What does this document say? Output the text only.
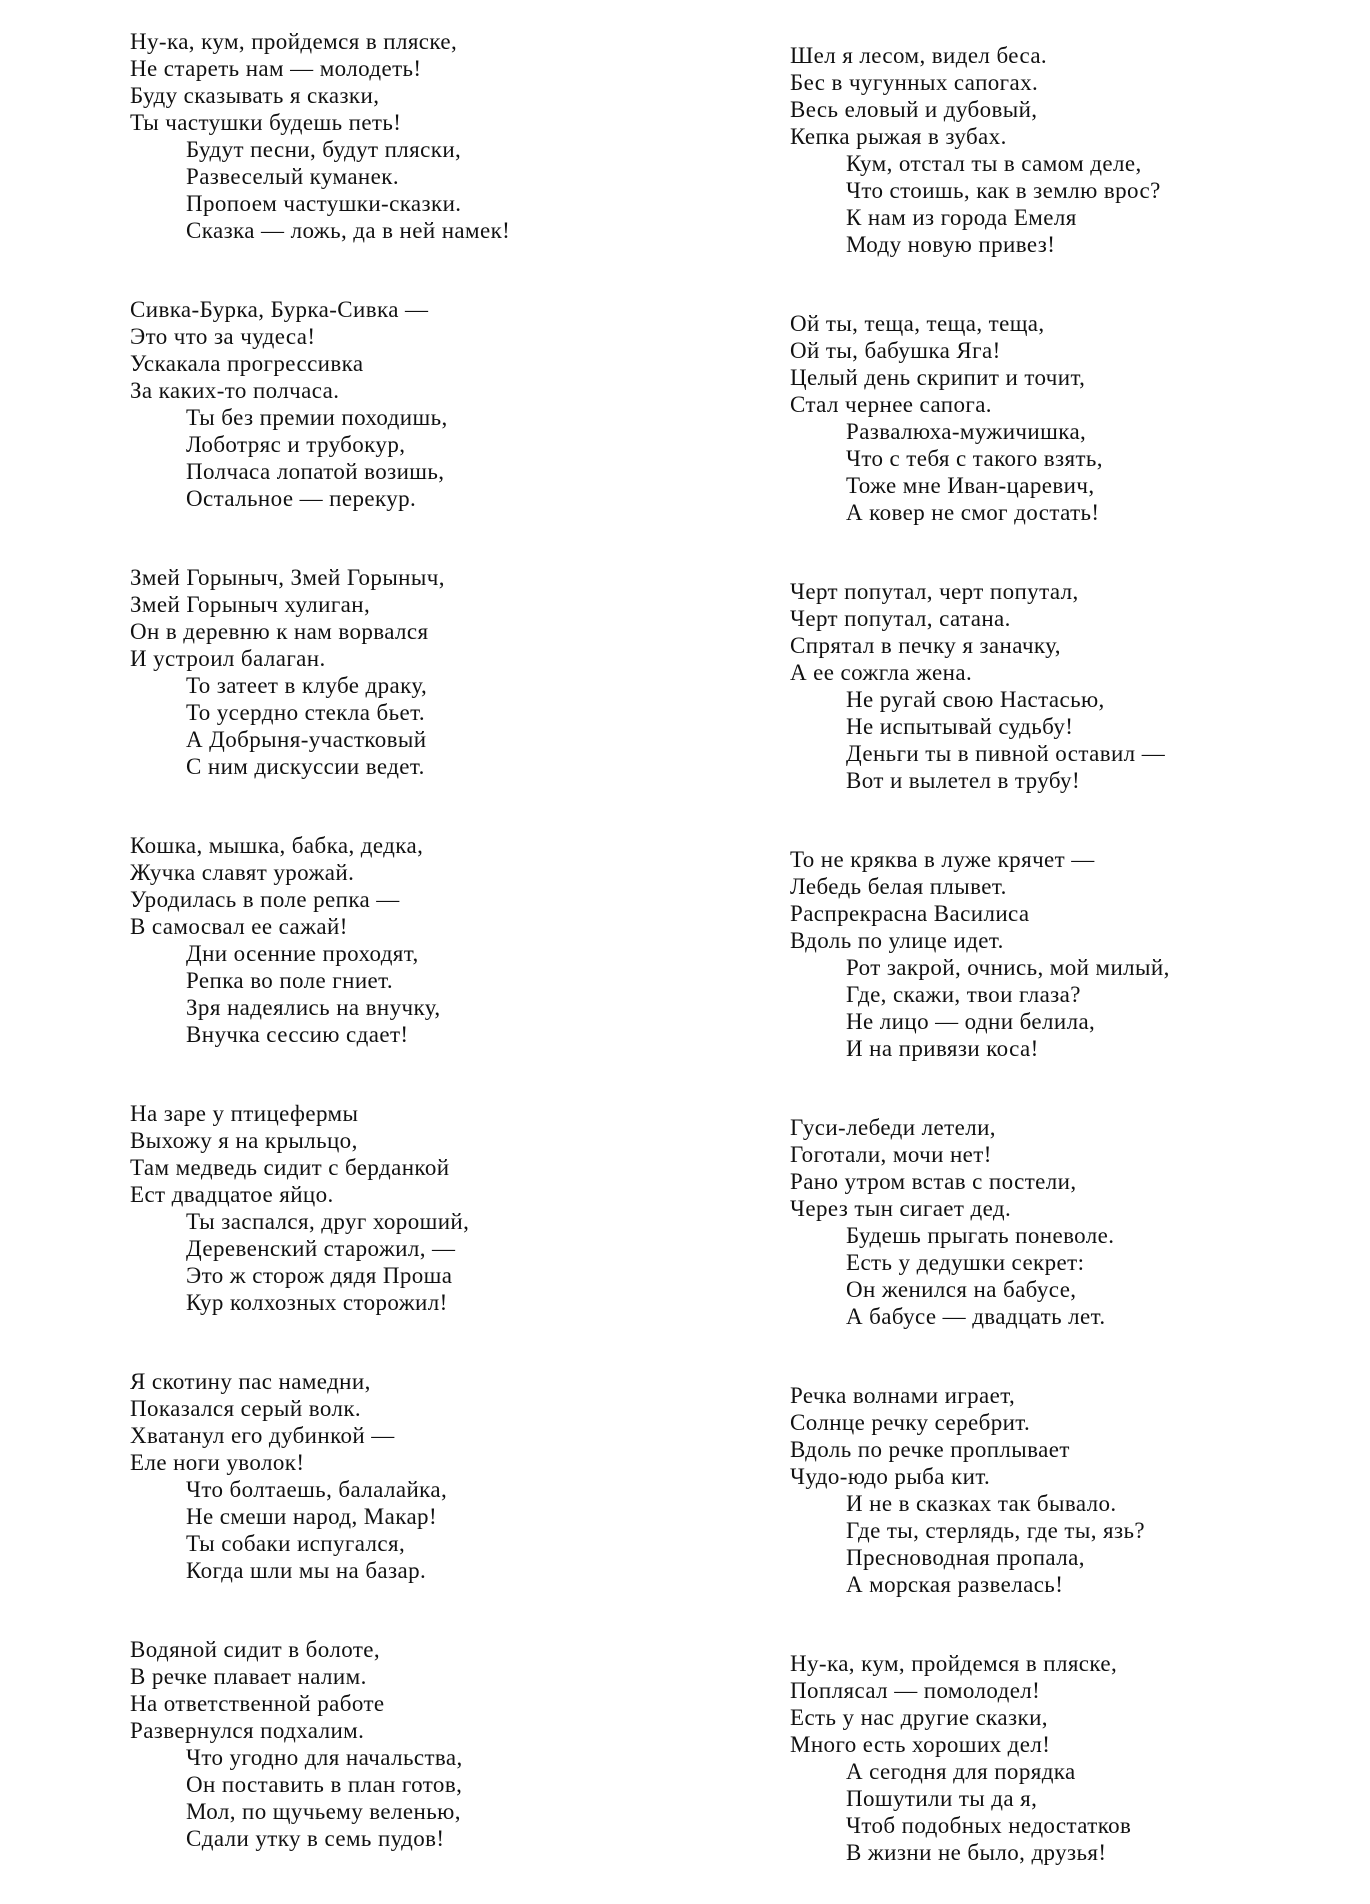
Ну-ка, кум, пройдемся в пляске,
Не стареть нам — молодеть!
Буду сказывать я сказки,
Ты частушки будешь петь!
Будут песни, будут пляски,
Развеселый куманек.
Пропоем частушки-сказки.
Сказка — ложь, да в ней намек!
Сивка-Бурка, Бурка-Сивка —
Это что за чудеса!
Ускакала прогрессивка
За каких-то полчаса.
Ты без премии походишь,
Лоботряс и трубокур,
Полчаса лопатой возишь,
Остальное — перекур.
Змей Горыныч, Змей Горыныч,
Змей Горыныч хулиган,
Он в деревню к нам ворвался
И устроил балаган.
То затеет в клубе драку,
То усердно стекла бьет.
А Добрыня-участковый
С ним дискуссии ведет.
Кошка, мышка, бабка, дедка,
Жучка славят урожай.
Уродилась в поле репка —
В самосвал ее сажай!
Дни осенние проходят,
Репка во поле гниет.
Зря надеялись на внучку,
Внучка сессию сдает!
На заре у птицефермы
Выхожу я на крыльцо,
Там медведь сидит с берданкой
Ест двадцатое яйцо.
Ты заспался, друг хороший,
Деревенский старожил, —
Это ж сторож дядя Проша
Кур колхозных сторожил!
Я скотину пас намедни,
Показался серый волк.
Хватанул его дубинкой —
Еле ноги уволок!
Что болтаешь, балалайка,
Не смеши народ, Макар!
Ты собаки испугался,
Когда шли мы на базар.
Водяной сидит в болоте,
В речке плавает налим.
На ответственной работе
Развернулся подхалим.
Что угодно для начальства,
Он поставить в план готов,
Мол, по щучьему веленью,
Сдали утку в семь пудов!
Шел я лесом, видел беса.
Бес в чугунных сапогах.
Весь еловый и дубовый,
Кепка рыжая в зубах.
Кум, отстал ты в самом деле,
Что стоишь, как в землю врос?
К нам из города Емеля
Моду новую привез!
Ой ты, теща, теща, теща,
Ой ты, бабушка Яга!
Целый день скрипит и точит,
Стал чернее сапога.
Развалюха-мужичишка,
Что с тебя с такого взять,
Тоже мне Иван-царевич,
А ковер не смог достать!
Черт попутал, черт попутал,
Черт попутал, сатана.
Спрятал в печку я заначку,
А ее сожгла жена.
Не ругай свою Настасью,
Не испытывай судьбу!
Деньги ты в пивной оставил —
Вот и вылетел в трубу!
То не кряква в луже крячет —
Лебедь белая плывет.
Распрекрасна Василиса
Вдоль по улице идет.
Рот закрой, очнись, мой милый,
Где, скажи, твои глаза?
Не лицо — одни белила,
И на привязи коса!
Гуси-лебеди летели,
Гоготали, мочи нет!
Рано утром встав с постели,
Через тын сигает дед.
Будешь прыгать поневоле.
Есть у дедушки секрет:
Он женился на бабусе,
А бабусе — двадцать лет.
Речка волнами играет,
Солнце речку серебрит.
Вдоль по речке проплывает
Чудо-юдо рыба кит.
И не в сказках так бывало.
Где ты, стерлядь, где ты, язь?
Пресноводная пропала,
А морская развелась!
Ну-ка, кум, пройдемся в пляске,
Поплясал — помолодел!
Есть у нас другие сказки,
Много есть хороших дел!
А сегодня для порядка
Пошутили ты да я,
Чтоб подобных недостатков
В жизни не было, друзья!
